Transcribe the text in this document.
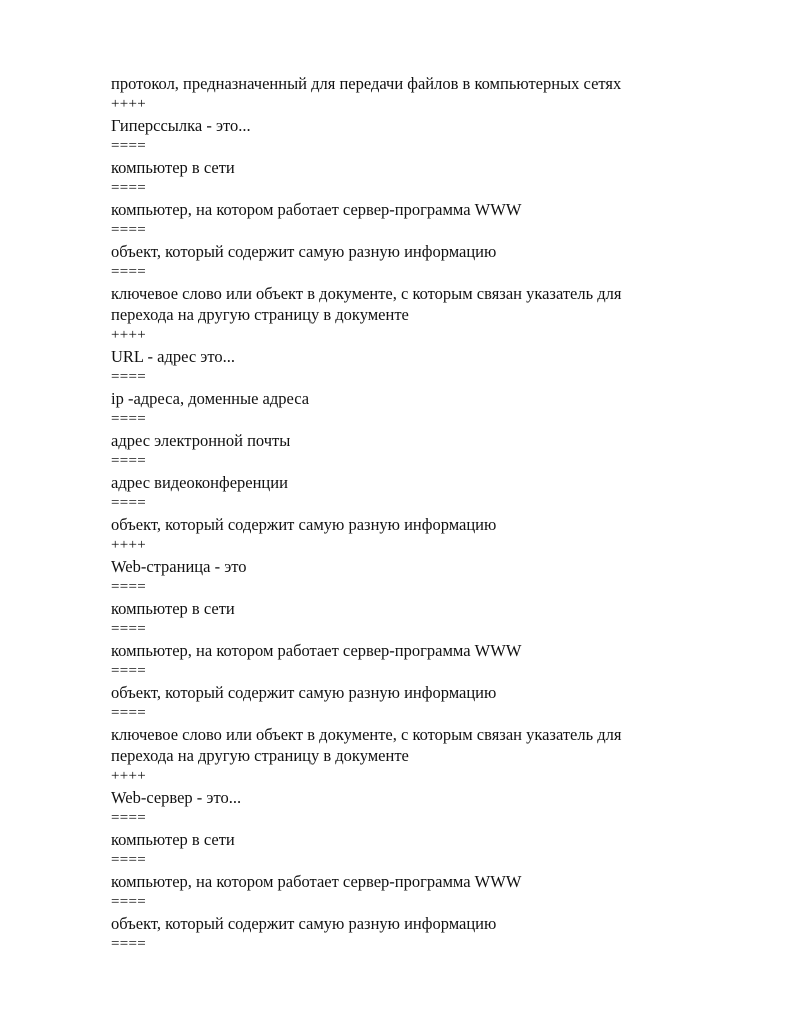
протокол, предназначенный для передачи файлов в компьютерных сетях
++++
Гиперссылка - это...
====
компьютер в сети
====
компьютер, на котором работает сервер-программа WWW
====
объект, который содержит самую разную информацию
====
ключевое слово или объект в документе, с которым связан указатель для
перехода на другую страницу в документе
++++
URL - адрес это...
====
ip -адреса, доменные адреса
====
адрес электронной почты
====
адрес видеоконференции
====
объект, который содержит самую разную информацию
++++
Web-страница - это
====
компьютер в сети
====
компьютер, на котором работает сервер-программа WWW
====
объект, который содержит самую разную информацию
====
ключевое слово или объект в документе, с которым связан указатель для
перехода на другую страницу в документе
++++
Web-сервер - это...
====
компьютер в сети
====
компьютер, на котором работает сервер-программа WWW
====
объект, который содержит самую разную информацию
====
